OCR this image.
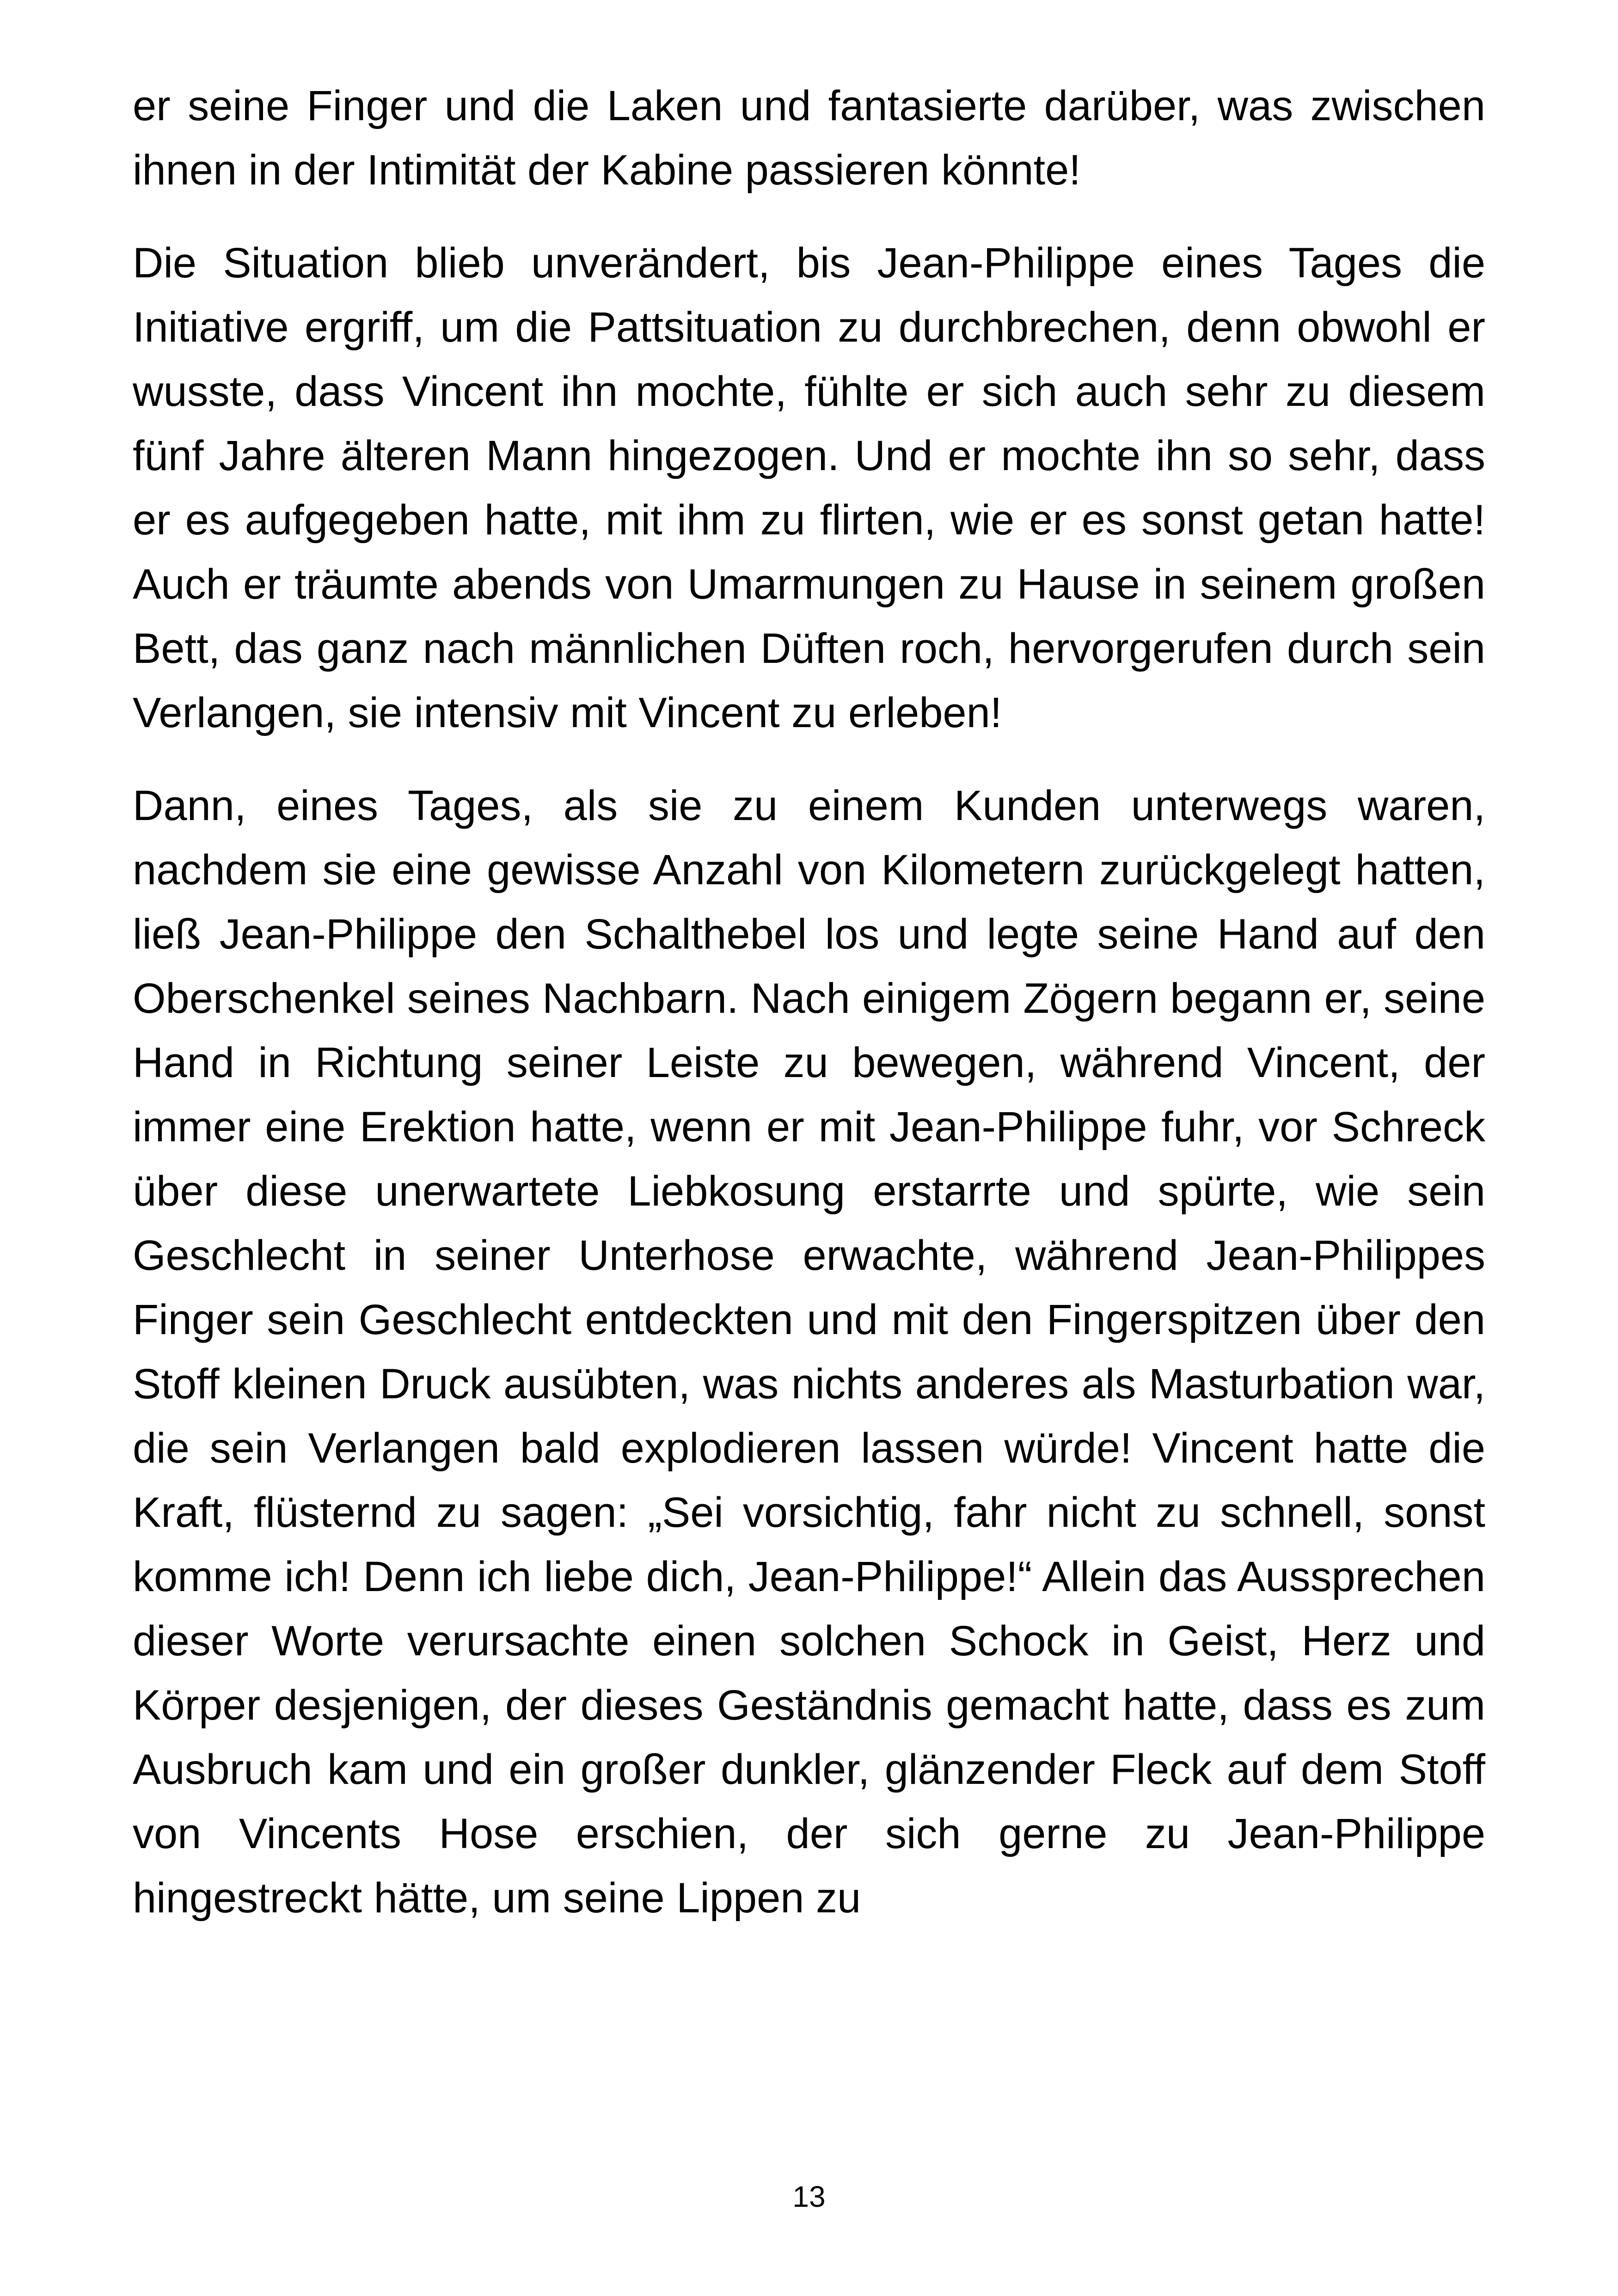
er seine Finger und die Laken und fantasierte darüber, was zwischen ihnen in der Intimität der Kabine passieren könnte!

Die Situation blieb unverändert, bis Jean-Philippe eines Tages die Initiative ergriff, um die Pattsituation zu durchbrechen, denn obwohl er wusste, dass Vincent ihn mochte, fühlte er sich auch sehr zu diesem fünf Jahre älteren Mann hingezogen. Und er mochte ihn so sehr, dass er es aufgegeben hatte, mit ihm zu flirten, wie er es sonst getan hatte! Auch er träumte abends von Umarmungen zu Hause in seinem großen Bett, das ganz nach männlichen Düften roch, hervorgerufen durch sein Verlangen, sie intensiv mit Vincent zu erleben!

Dann, eines Tages, als sie zu einem Kunden unterwegs waren, nachdem sie eine gewisse Anzahl von Kilometern zurückgelegt hatten, ließ Jean-Philippe den Schalthebel los und legte seine Hand auf den Oberschenkel seines Nachbarn. Nach einigem Zögern begann er, seine Hand in Richtung seiner Leiste zu bewegen, während Vincent, der immer eine Erektion hatte, wenn er mit Jean-Philippe fuhr, vor Schreck über diese unerwartete Liebkosung erstarrte und spürte, wie sein Geschlecht in seiner Unterhose erwachte, während Jean-Philippes Finger sein Geschlecht entdeckten und mit den Fingerspitzen über den Stoff kleinen Druck ausübten, was nichts anderes als Masturbation war, die sein Verlangen bald explodieren lassen würde! Vincent hatte die Kraft, flüsternd zu sagen: „Sei vorsichtig, fahr nicht zu schnell, sonst komme ich! Denn ich liebe dich, Jean-Philippe!“ Allein das Aussprechen dieser Worte verursachte einen solchen Schock in Geist, Herz und Körper desjenigen, der dieses Geständnis gemacht hatte, dass es zum Ausbruch kam und ein großer dunkler, glänzender Fleck auf dem Stoff von Vincents Hose erschien, der sich gerne zu Jean-Philippe hingestreckt hätte, um seine Lippen zu

13
